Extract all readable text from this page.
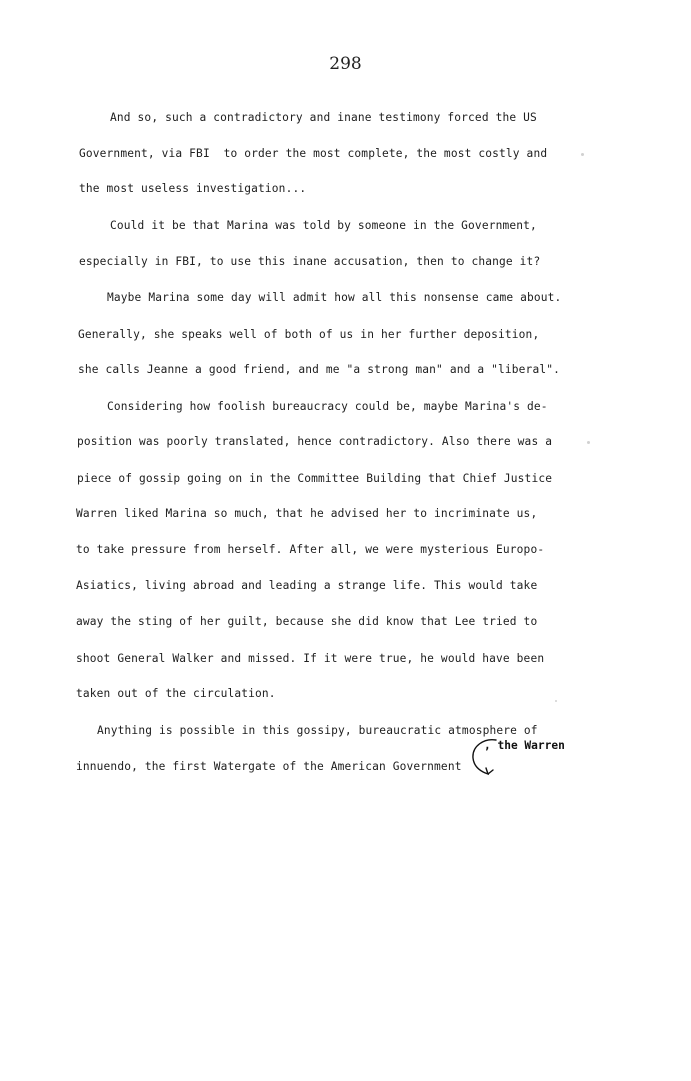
298
And so, such a contradictory and inane testimony forced the US
Government, via FBI  to order the most complete, the most costly and
the most useless investigation...
Could it be that Marina was told by someone in the Government,
especially in FBI, to use this inane accusation, then to change it?
Maybe Marina some day will admit how all this nonsense came about.
Generally, she speaks well of both of us in her further deposition,
she calls Jeanne a good friend, and me "a strong man" and a "liberal".
Considering how foolish bureaucracy could be, maybe Marina's de-
position was poorly translated, hence contradictory. Also there was a
piece of gossip going on in the Committee Building that Chief Justice
Warren liked Marina so much, that he advised her to incriminate us,
to take pressure from herself. After all, we were mysterious Europo-
Asiatics, living abroad and leading a strange life. This would take
away the sting of her guilt, because she did know that Lee tried to
shoot General Walker and missed. If it were true, he would have been
taken out of the circulation.
Anything is possible in this gossipy, bureaucratic atmosphere of
innuendo, the first Watergate of the American Government
, the Warren
